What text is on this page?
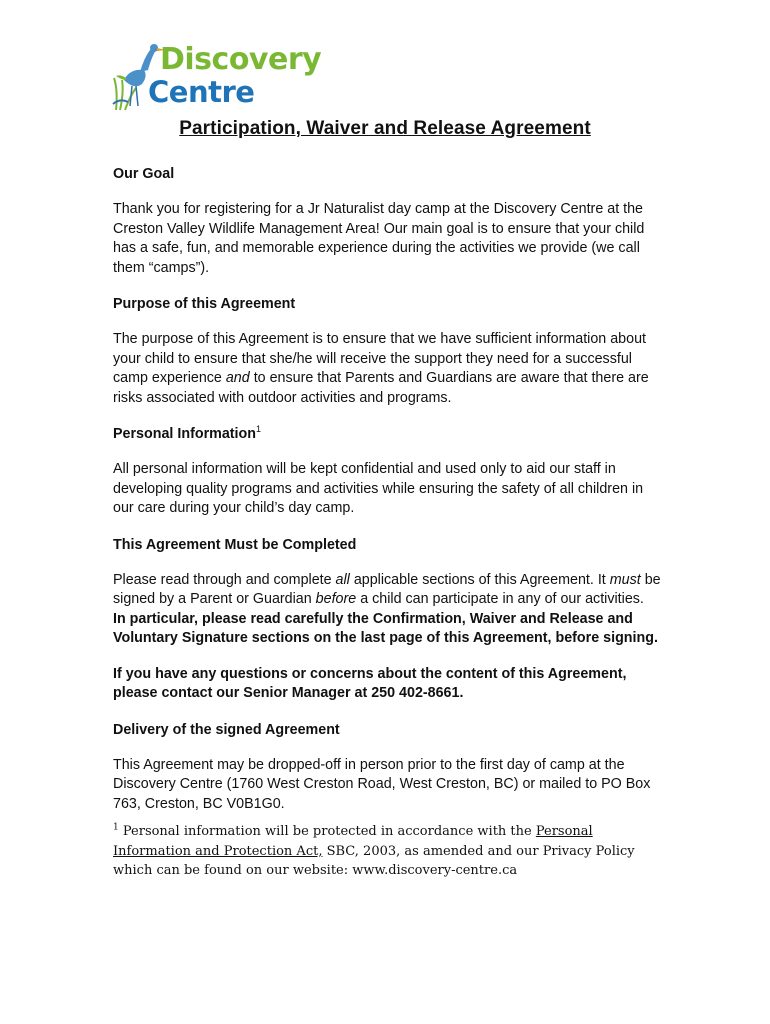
Discovery
Centre
Participation, Waiver and Release Agreement
Our Goal
Thank you for registering for a Jr Naturalist day camp at the Discovery Centre at the Creston Valley Wildlife Management Area! Our main goal is to ensure that your child has a safe, fun, and memorable experience during the activities we provide (we call them “camps”).
Purpose of this Agreement
The purpose of this Agreement is to ensure that we have sufficient information about your child to ensure that she/he will receive the support they need for a successful camp experience and to ensure that Parents and Guardians are aware that there are risks associated with outdoor activities and programs.
Personal Information$^1$
All personal information will be kept confidential and used only to aid our staff in developing quality programs and activities while ensuring the safety of all children in our care during your child’s day camp.
This Agreement Must be Completed
Please read through and complete all applicable sections of this Agreement. It must be signed by a Parent or Guardian before a child can participate in any of our activities.  In particular, please read carefully the Confirmation, Waiver and Release and Voluntary Signature sections on the last page of this Agreement, before signing.
If you have any questions or concerns about the content of this Agreement, please contact our Senior Manager at 250 402-8661.
Delivery of the signed Agreement
This Agreement may be dropped-off in person prior to the first day of camp at the Discovery Centre (1760 West Creston Road, West Creston, BC) or mailed to PO Box 763, Creston, BC V0B1G0.
$^1$ Personal information will be protected in accordance with the Personal Information and Protection Act, SBC, 2003, as amended and our Privacy Policy which can be found on our website: www.discovery-centre.ca
